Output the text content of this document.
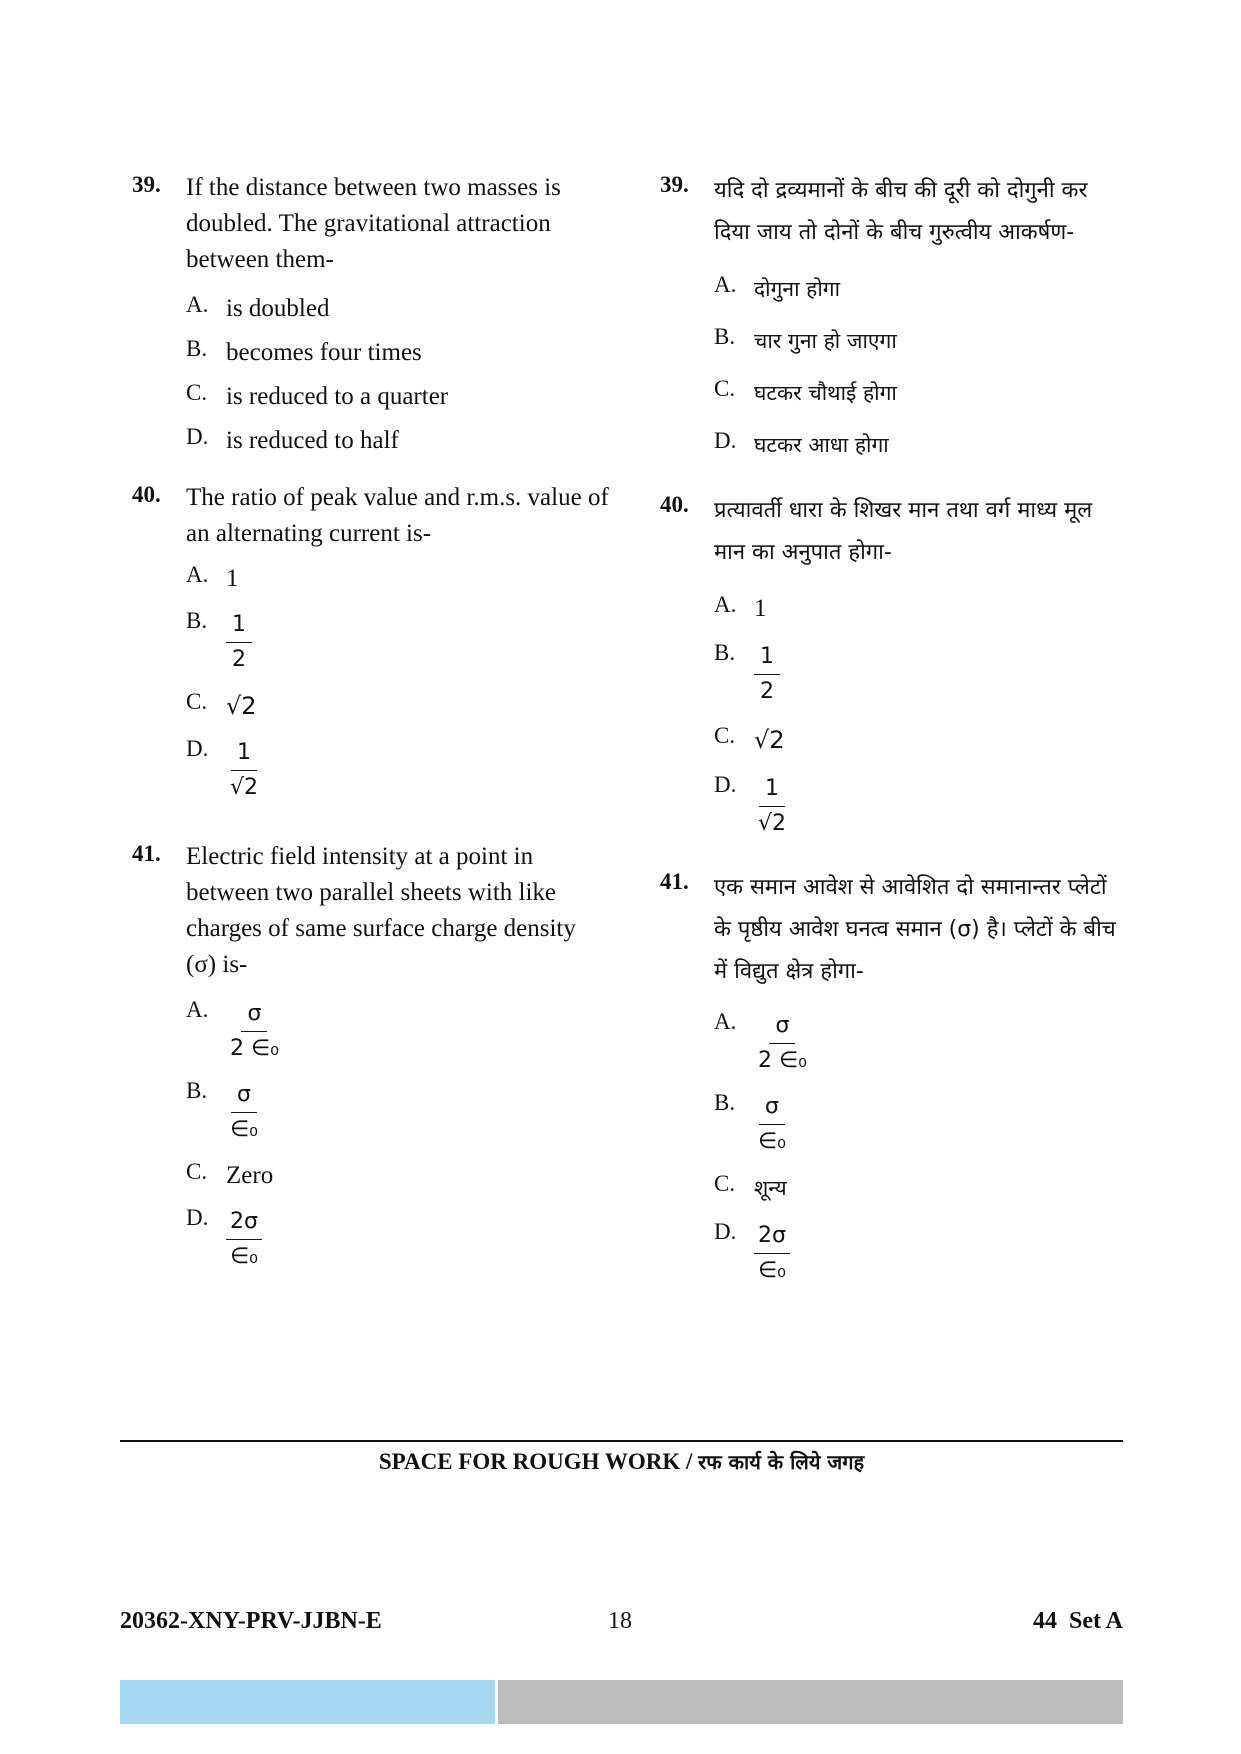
39. If the distance between two masses is doubled. The gravitational attraction between them-
A. is doubled
B. becomes four times
C. is reduced to a quarter
D. is reduced to half
40. The ratio of peak value and r.m.s. value of an alternating current is-
A. 1
B. $\frac{1}{2}$
C. √2
D. $\frac{1}{√2}$
41. Electric field intensity at a point in between two parallel sheets with like charges of same surface charge density (σ) is-
A. $\frac{\sigma}{\text{2 ∈₀}}$
B. $\frac{\sigma}{\text{∈₀}}$
C. Zero
D. $\frac{2\sigma}{\text{∈₀}}$
39. यदि दो द्रव्यमानों के बीच की दूरी को दोगुनी कर दिया जाय तो दोनों के बीच गुरुत्वीय आकर्षण-
A. दोगुना होगा
B. चार गुना हो जाएगा
C. घटकर चौथाई होगा
D. घटकर आधा होगा
40. प्रत्यावर्ती धारा के शिखर मान तथा वर्ग माध्य मूल मान का अनुपात होगा-
A. 1
B. $\frac{1}{2}$
C. √2
D. $\frac{1}{√2}$
41. एक समान आवेश से आवेशित दो समानान्तर प्लेटों के पृष्ठीय आवेश घनत्व समान (σ) है। प्लेटों के बीच में विद्युत क्षेत्र होगा-
A. $\frac{\sigma}{\text{2 ∈₀}}$
B. $\frac{\sigma}{\text{∈₀}}$
C. शून्य
D. $\frac{2\sigma}{\text{∈₀}}$
SPACE FOR ROUGH WORK / रफ कार्य के लिये जगह
20362-XNY-PRV-JJBN-E	18	44  Set A
